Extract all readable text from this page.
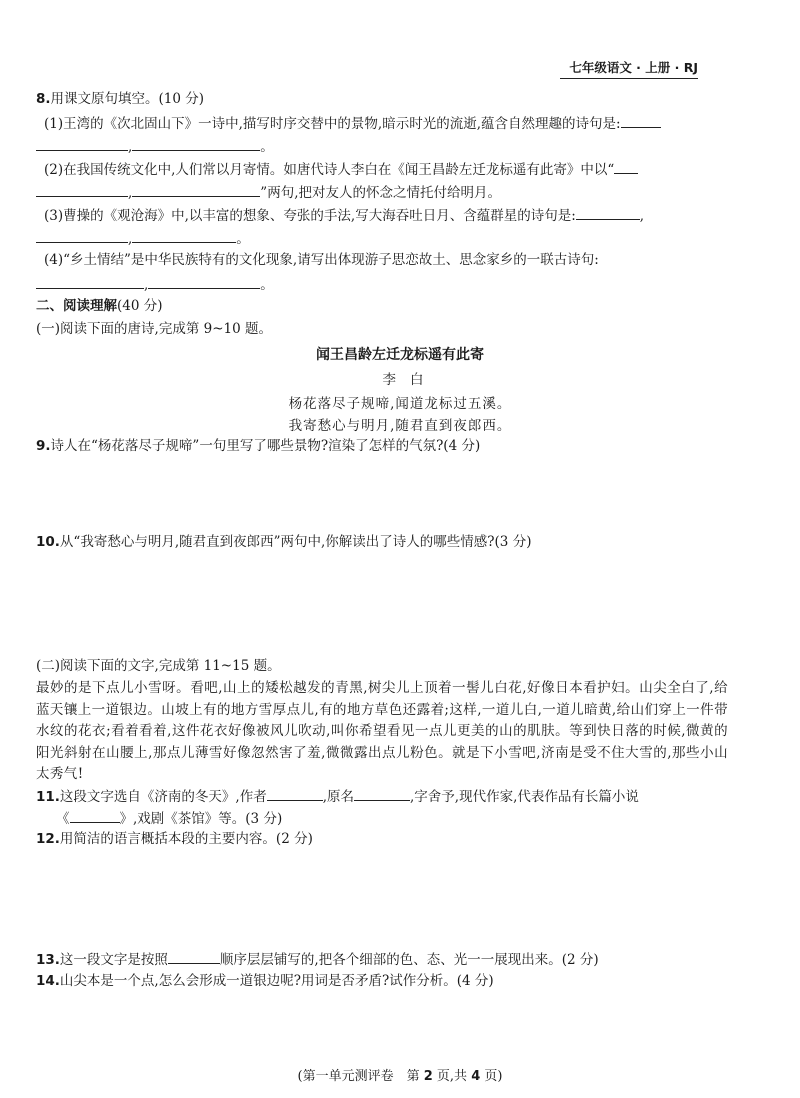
七年级语文 · 上册 · RJ
8.用课文原句填空。(10 分)
(1)王湾的《次北固山下》一诗中,描写时序交替中的景物,暗示时光的流逝,蕴含自然理趣的诗句是:
,	。
(2)在我国传统文化中,人们常以月寄情。如唐代诗人李白在《闻王昌龄左迁龙标遥有此寄》中以“
,	”两句,把对友人的怀念之情托付给明月。
(3)曹操的《观沧海》中,以丰富的想象、夸张的手法,写大海吞吐日月、含蕴群星的诗句是:	,
,	。
(4)“乡土情结”是中华民族特有的文化现象,请写出体现游子思恋故土、思念家乡的一联古诗句:
,	。
二、阅读理解(40 分)
(一)阅读下面的唐诗,完成第 9~10 题。
闻王昌龄左迁龙标遥有此寄
李白
杨花落尽子规啼,闻道龙标过五溪。
我寄愁心与明月,随君直到夜郎西。
9.诗人在“杨花落尽子规啼”一句里写了哪些景物?渲染了怎样的气氛?(4 分)
10.从“我寄愁心与明月,随君直到夜郎西”两句中,你解读出了诗人的哪些情感?(3 分)
(二)阅读下面的文字,完成第 11~15 题。
最妙的是下点儿小雪呀。看吧,山上的矮松越发的青黑,树尖儿上顶着一髻儿白花,好像日本看护妇。山尖全白了,给蓝天镶上一道银边。山坡上有的地方雪厚点儿,有的地方草色还露着;这样,一道儿白,一道儿暗黄,给山们穿上一件带水纹的花衣;看着看着,这件花衣好像被风儿吹动,叫你希望看见一点儿更美的山的肌肤。等到快日落的时候,微黄的阳光斜射在山腰上,那点儿薄雪好像忽然害了羞,微微露出点儿粉色。就是下小雪吧,济南是受不住大雪的,那些小山太秀气!
11.这段文字选自《济南的冬天》,作者	,原名	,字舍予,现代作家,代表作品有长篇小说
《	》,戏剧《茶馆》等。(3 分)
12.用简洁的语言概括本段的主要内容。(2 分)
13.这一段文字是按照	顺序层层铺写的,把各个细部的色、态、光一一展现出来。(2 分)
14.山尖本是一个点,怎么会形成一道银边呢?用词是否矛盾?试作分析。(4 分)
(第一单元测评卷　第 2 页,共 4 页)
